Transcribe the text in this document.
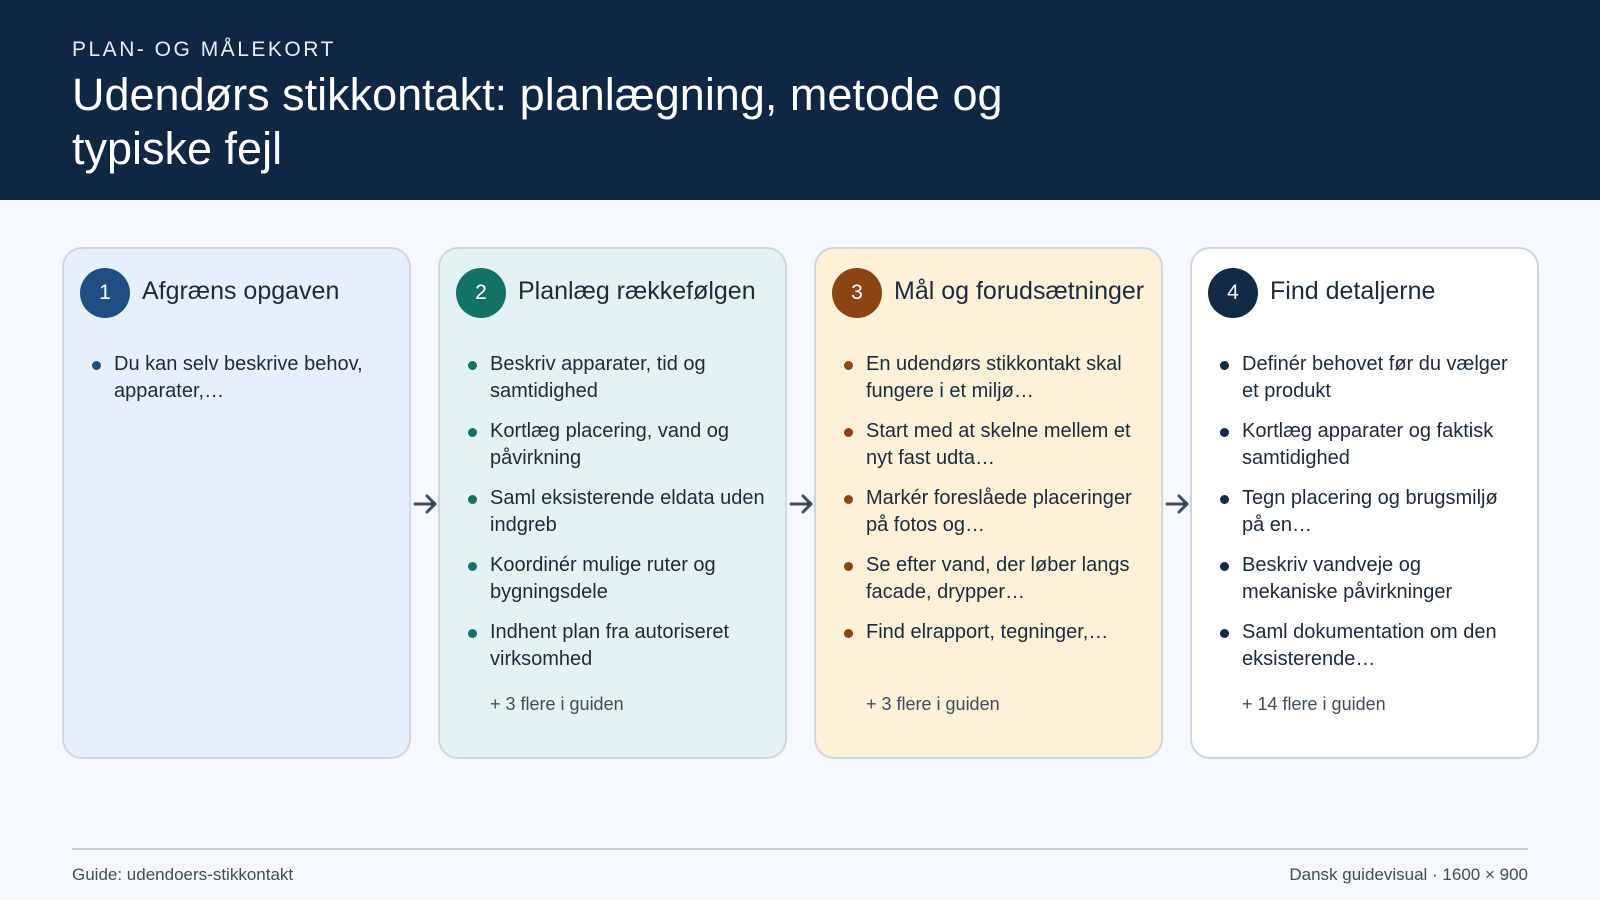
PLAN- OG MÅLEKORT
Udendørs stikkontakt: planlægning, metode og typiske fejl
1	Afgræns opgaven
Du kan selv beskrive behov, apparater,…
2	Planlæg rækkefølgen
Beskriv apparater, tid og samtidighed
Kortlæg placering, vand og påvirkning
Saml eksisterende eldata uden indgreb
Koordinér mulige ruter og bygningsdele
Indhent plan fra autoriseret virksomhed
+ 3 flere i guiden
3	Mål og forudsætninger
En udendørs stikkontakt skal fungere i et miljø…
Start med at skelne mellem et nyt fast udta…
Markér foreslåede placeringer på fotos og…
Se efter vand, der løber langs facade, drypper…
Find elrapport, tegninger,…
+ 3 flere i guiden
4	Find detaljerne
Definér behovet før du vælger et produkt
Kortlæg apparater og faktisk samtidighed
Tegn placering og brugsmiljø på en…
Beskriv vandveje og mekaniske påvirkninger
Saml dokumentation om den eksisterende…
+ 14 flere i guiden
Guide: udendoers-stikkontakt	Dansk guidevisual · 1600 × 900
